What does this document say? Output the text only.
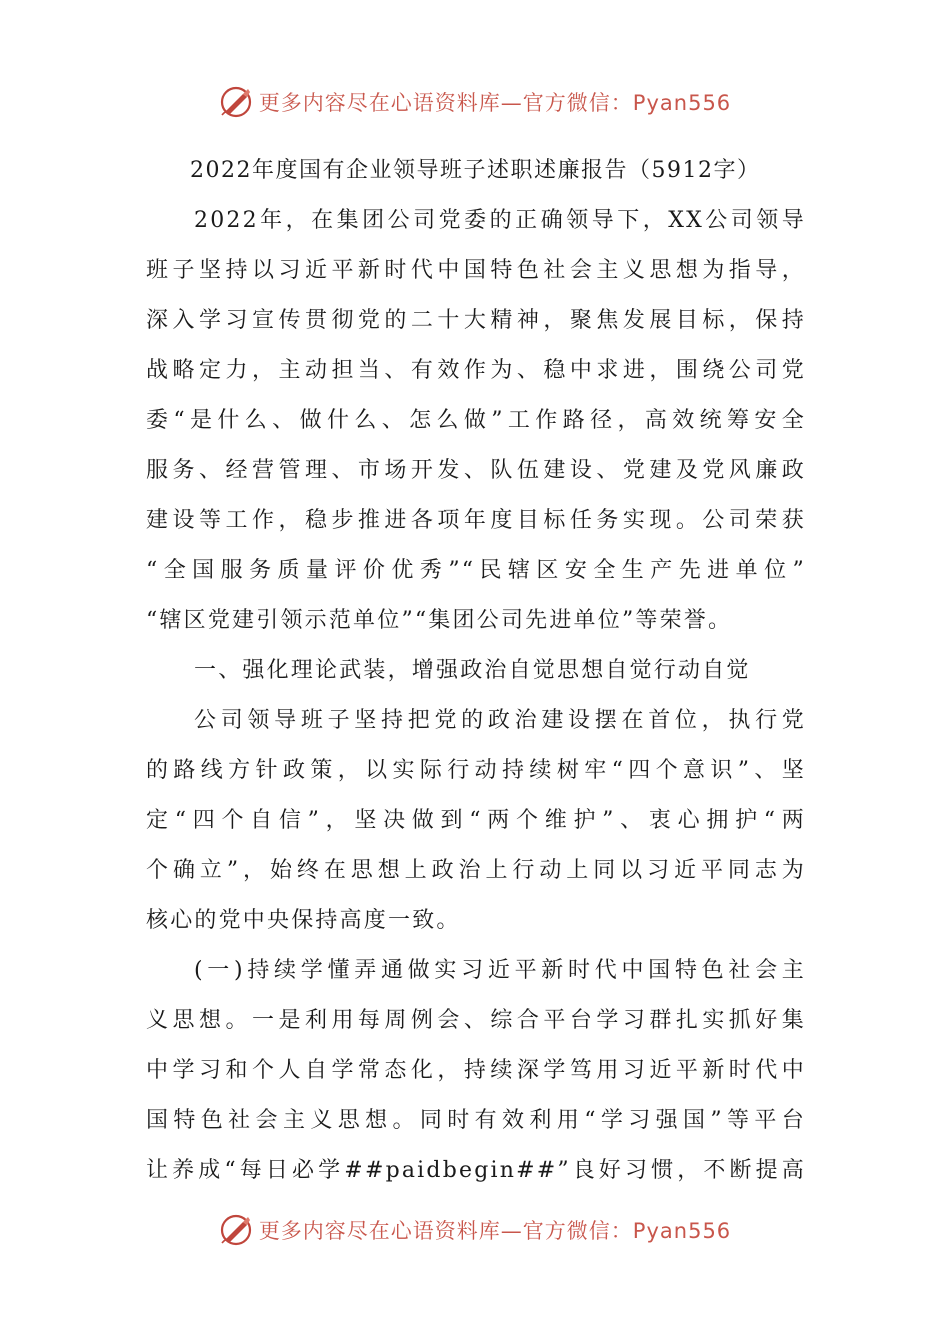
更多内容尽在心语资料库—官方微信：Pyan556
2022年度国有企业领导班子述职述廉报告（5912字）
2022年，在集团公司党委的正确领导下，XX公司领导
班子坚持以习近平新时代中国特色社会主义思想为指导，
深入学习宣传贯彻党的二十大精神，聚焦发展目标，保持
战略定力，主动担当、有效作为、稳中求进，围绕公司党
委“是什么、做什么、怎么做”工作路径，高效统筹安全
服务、经营管理、市场开发、队伍建设、党建及党风廉政
建设等工作，稳步推进各项年度目标任务实现。公司荣获
“全国服务质量评价优秀”“民辖区安全生产先进单位”
“辖区党建引领示范单位”“集团公司先进单位”等荣誉。
一、强化理论武装，增强政治自觉思想自觉行动自觉
公司领导班子坚持把党的政治建设摆在首位，执行党
的路线方针政策，以实际行动持续树牢“四个意识”、坚
定“四个自信”，坚决做到“两个维护”、衷心拥护“两
个确立”，始终在思想上政治上行动上同以习近平同志为
核心的党中央保持高度一致。
(一)持续学懂弄通做实习近平新时代中国特色社会主
义思想。一是利用每周例会、综合平台学习群扎实抓好集
中学习和个人自学常态化，持续深学笃用习近平新时代中
国特色社会主义思想。同时有效利用“学习强国”等平台
让养成“每日必学##paidbegin##”良好习惯，不断提高
更多内容尽在心语资料库—官方微信：Pyan556
